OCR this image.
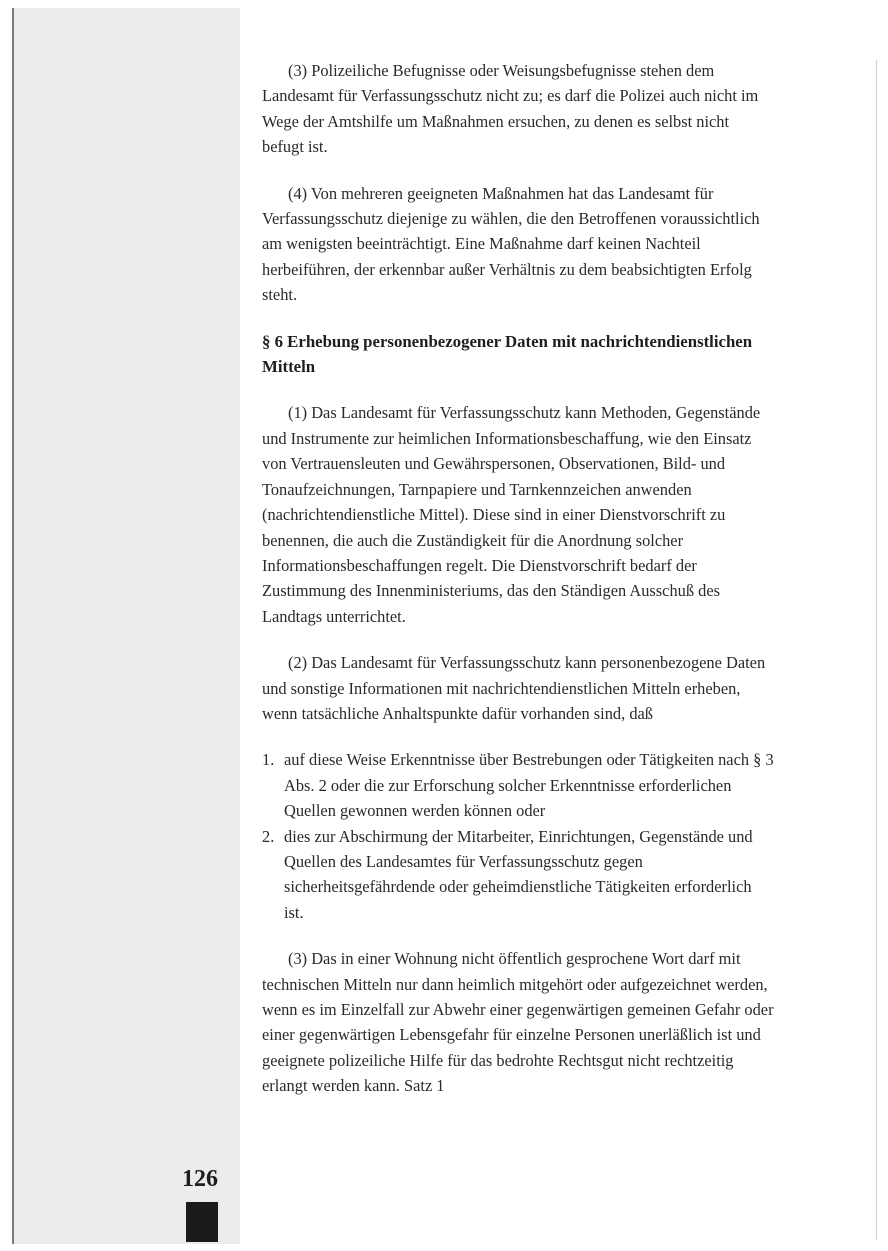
(3) Polizeiliche Befugnisse oder Weisungsbefugnisse stehen dem Landesamt für Verfassungsschutz nicht zu; es darf die Polizei auch nicht im Wege der Amtshilfe um Maßnahmen ersuchen, zu denen es selbst nicht befugt ist.

(4) Von mehreren geeigneten Maßnahmen hat das Landesamt für Verfassungsschutz diejenige zu wählen, die den Betroffenen voraussichtlich am wenigsten beeinträchtigt. Eine Maßnahme darf keinen Nachteil herbeiführen, der erkennbar außer Verhältnis zu dem beabsichtigten Erfolg steht.

§ 6 Erhebung personenbezogener Daten mit nachrichtendienstlichen Mitteln

(1) Das Landesamt für Verfassungsschutz kann Methoden, Gegenstände und Instrumente zur heimlichen Informationsbeschaffung, wie den Einsatz von Vertrauensleuten und Gewährspersonen, Observationen, Bild- und Tonaufzeichnungen, Tarnpapiere und Tarnkennzeichen anwenden (nachrichtendienstliche Mittel). Diese sind in einer Dienstvorschrift zu benennen, die auch die Zuständigkeit für die Anordnung solcher Informationsbeschaffungen regelt. Die Dienstvorschrift bedarf der Zustimmung des Innenministeriums, das den Ständigen Ausschuß des Landtags unterrichtet.

(2) Das Landesamt für Verfassungsschutz kann personenbezogene Daten und sonstige Informationen mit nachrichtendienstlichen Mitteln erheben, wenn tatsächliche Anhaltspunkte dafür vorhanden sind, daß

1. auf diese Weise Erkenntnisse über Bestrebungen oder Tätigkeiten nach § 3 Abs. 2 oder die zur Erforschung solcher Erkenntnisse erforderlichen Quellen gewonnen werden können oder
2. dies zur Abschirmung der Mitarbeiter, Einrichtungen, Gegenstände und Quellen des Landesamtes für Verfassungsschutz gegen sicherheitsgefährdende oder geheimdienstliche Tätigkeiten erforderlich ist.

(3) Das in einer Wohnung nicht öffentlich gesprochene Wort darf mit technischen Mitteln nur dann heimlich mitgehört oder aufgezeichnet werden, wenn es im Einzelfall zur Abwehr einer gegenwärtigen gemeinen Gefahr oder einer gegenwärtigen Lebensgefahr für einzelne Personen unerläßlich ist und geeignete polizeiliche Hilfe für das bedrohte Rechtsgut nicht rechtzeitig erlangt werden kann. Satz 1

126
